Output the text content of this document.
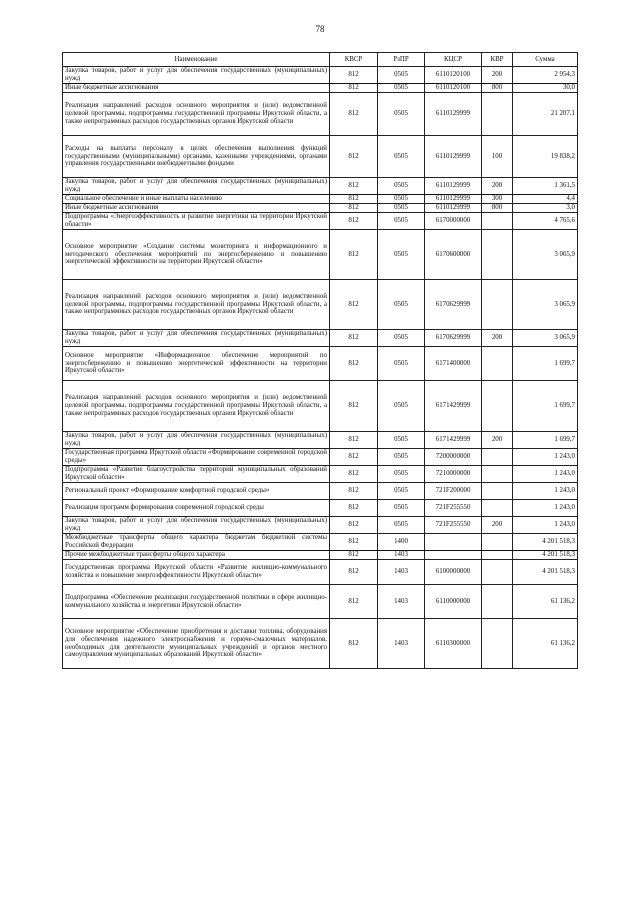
78
Наименование	КВСР	РзПР	КЦСР	КВР	Сумма
Закупка товаров, работ и услуг для обеспечения государственных (муниципальных) нужд	812	0505	6110120100	200	2 954,3
Иные бюджетные ассигнования	812	0505	6110120100	800	30,0
Реализация направлений расходов основного мероприятия и (или) ведомственной целевой программы, подпрограммы государственной программы Иркутской области, а также непрограммных расходов государственных органов Иркутской области	812	0505	6110129999		21 207,1
Расходы на выплаты персоналу в целях обеспечения выполнения функций государственными (муниципальными) органами, казенными учреждениями, органами управления государственными внебюджетными фондами	812	0505	6110129999	100	19 838,2
Закупка товаров, работ и услуг для обеспечения государственных (муниципальных) нужд	812	0505	6110129999	200	1 361,5
Социальное обеспечение и иные выплаты населению	812	0505	6110129999	300	4,4
Иные бюджетные ассигнования	812	0505	6110129999	800	3,0
Подпрограмма «Энергоэффективность и развитие энергетики на территории Иркутской области»	812	0505	6170000000		4 765,6
Основное мероприятие «Создание системы мониторинга и информационного и методического обеспечения мероприятий по энергосбережению и повышению энергетической эффективности на территории Иркутской области»	812	0505	6170600000		3 065,9
Реализация направлений расходов основного мероприятия и (или) ведомственной целевой программы, подпрограммы государственной программы Иркутской области, а также непрограммных расходов государственных органов Иркутской области	812	0505	6170629999		3 065,9
Закупка товаров, работ и услуг для обеспечения государственных (муниципальных) нужд	812	0505	6170629999	200	3 065,9
Основное мероприятие «Информационное обеспечение мероприятий по энергосбережению и повышению энергетической эффективности на территории Иркутской области»	812	0505	6171400000		1 699,7
Реализация направлений расходов основного мероприятия и (или) ведомственной целевой программы, подпрограммы государственной программы Иркутской области, а также непрограммных расходов государственных органов Иркутской области	812	0505	6171429999		1 699,7
Закупка товаров, работ и услуг для обеспечения государственных (муниципальных) нужд	812	0505	6171429999	200	1 699,7
Государственная программа Иркутской области «Формирование современной городской среды»	812	0505	7200000000		1 243,0
Подпрограмма «Развитие благоустройства территорий муниципальных образований Иркутской области»	812	0505	7210000000		1 243,0
Региональный проект «Формирование комфортной городской среды»	812	0505	721F200000		1 243,0
Реализация программ формирования современной городской среды	812	0505	721F255550		1 243,0
Закупка товаров, работ и услуг для обеспечения государственных (муниципальных) нужд	812	0505	721F255550	200	1 243,0
Межбюджетные трансферты общего характера бюджетам бюджетной системы Российской Федерации	812	1400			4 201 518,3
Прочие межбюджетные трансферты общего характера	812	1403			4 201 518,3
Государственная программа Иркутской области «Развитие жилищно-коммунального хозяйства и повышение энергоэффективности Иркутской области»	812	1403	6100000000		4 201 518,3
Подпрограмма «Обеспечение реализации государственной политики в сфере жилищно-коммунального хозяйства и энергетики Иркутской области»	812	1403	6110000000		61 136,2
Основное мероприятие «Обеспечение приобретения и доставки топлива, оборудования для обеспечения надежного электроснабжения и горюче-смазочных материалов, необходимых для деятельности муниципальных учреждений и органов местного самоуправления муниципальных образований Иркутской области»	812	1403	6110300000		61 136,2
